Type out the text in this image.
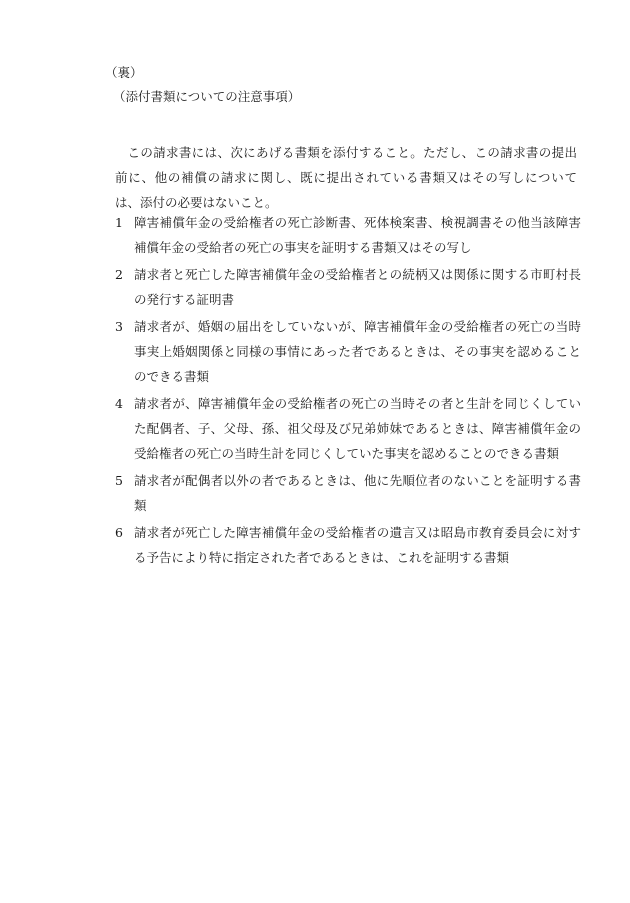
（裏）
（添付書類についての注意事項）

この請求書には、次にあげる書類を添付すること。ただし、この請求書の提出前に、他の補償の請求に関し、既に提出されている書類又はその写しについては、添付の必要はないこと。

1 障害補償年金の受給権者の死亡診断書、死体検案書、検視調書その他当該障害補償年金の受給者の死亡の事実を証明する書類又はその写し
2 請求者と死亡した障害補償年金の受給権者との続柄又は関係に関する市町村長の発行する証明書
3 請求者が、婚姻の届出をしていないが、障害補償年金の受給権者の死亡の当時事実上婚姻関係と同様の事情にあった者であるときは、その事実を認めることのできる書類
4 請求者が、障害補償年金の受給権者の死亡の当時その者と生計を同じくしていた配偶者、子、父母、孫、祖父母及び兄弟姉妹であるときは、障害補償年金の受給権者の死亡の当時生計を同じくしていた事実を認めることのできる書類
5 請求者が配偶者以外の者であるときは、他に先順位者のないことを証明する書類
6 請求者が死亡した障害補償年金の受給権者の遺言又は昭島市教育委員会に対する予告により特に指定された者であるときは、これを証明する書類
